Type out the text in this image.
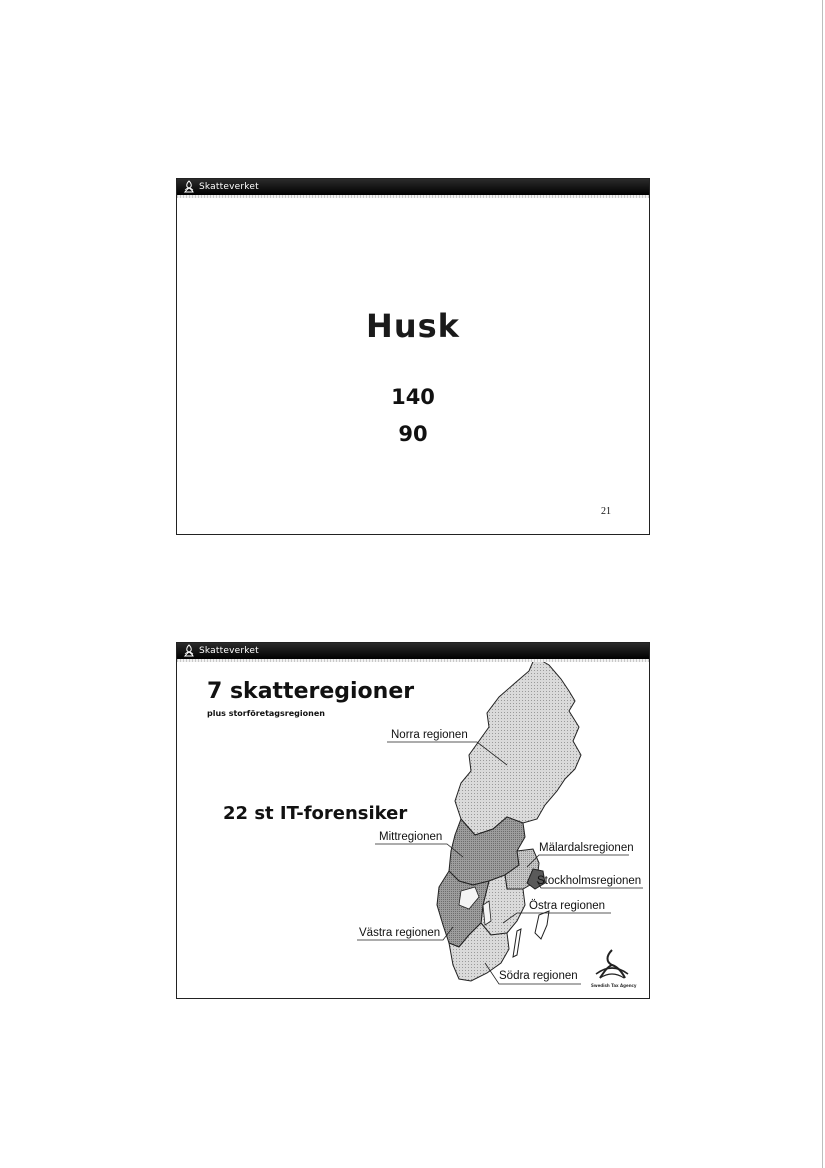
Skatteverket
Husk
140
90
21
Norra regionen
Mittregionen
Mälardalsregionen
Stockholmsregionen
Östra regionen
Västra regionen
Södra regionen
Skatteverket
7 skatteregioner
plus storföretagsregionen
22 st IT-forensiker
Swedish Tax Agency
